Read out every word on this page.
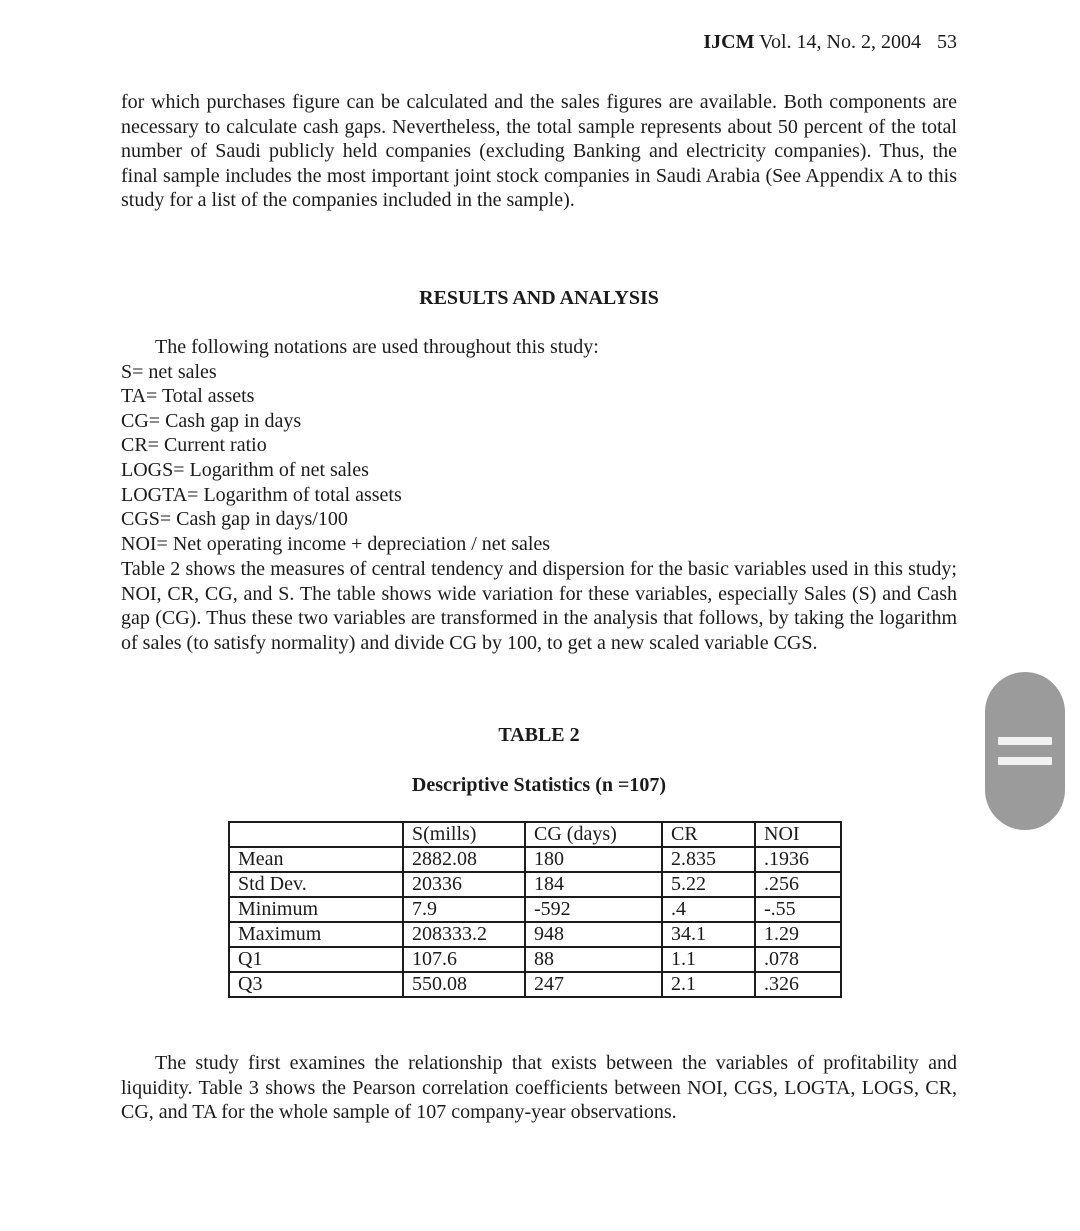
IJCM Vol. 14, No. 2, 2004 53
for which purchases figure can be calculated and the sales figures are available. Both components are necessary to calculate cash gaps. Nevertheless, the total sample represents about 50 percent of the total number of Saudi publicly held companies (excluding Banking and electricity companies). Thus, the final sample includes the most important joint stock companies in Saudi Arabia (See Appendix A to this study for a list of the companies included in the sample).
RESULTS AND ANALYSIS
The following notations are used throughout this study:
S= net sales
TA= Total assets
CG= Cash gap in days
CR= Current ratio
LOGS= Logarithm of net sales
LOGTA= Logarithm of total assets
CGS= Cash gap in days/100
NOI= Net operating income + depreciation / net sales
Table 2 shows the measures of central tendency and dispersion for the basic variables used in this study; NOI, CR, CG, and S. The table shows wide variation for these variables, especially Sales (S) and Cash gap (CG). Thus these two variables are transformed in the analysis that follows, by taking the logarithm of sales (to satisfy normality) and divide CG by 100, to get a new scaled variable CGS.
TABLE 2
Descriptive Statistics (n =107)
	S(mills)	CG (days)	CR	NOI
Mean	2882.08	180	2.835	.1936
Std Dev.	20336	184	5.22	.256
Minimum	7.9	-592	.4	-.55
Maximum	208333.2	948	34.1	1.29
Q1	107.6	88	1.1	.078
Q3	550.08	247	2.1	.326
The study first examines the relationship that exists between the variables of profitability and liquidity. Table 3 shows the Pearson correlation coefficients between NOI, CGS, LOGTA, LOGS, CR, CG, and TA for the whole sample of 107 company-year observations.
